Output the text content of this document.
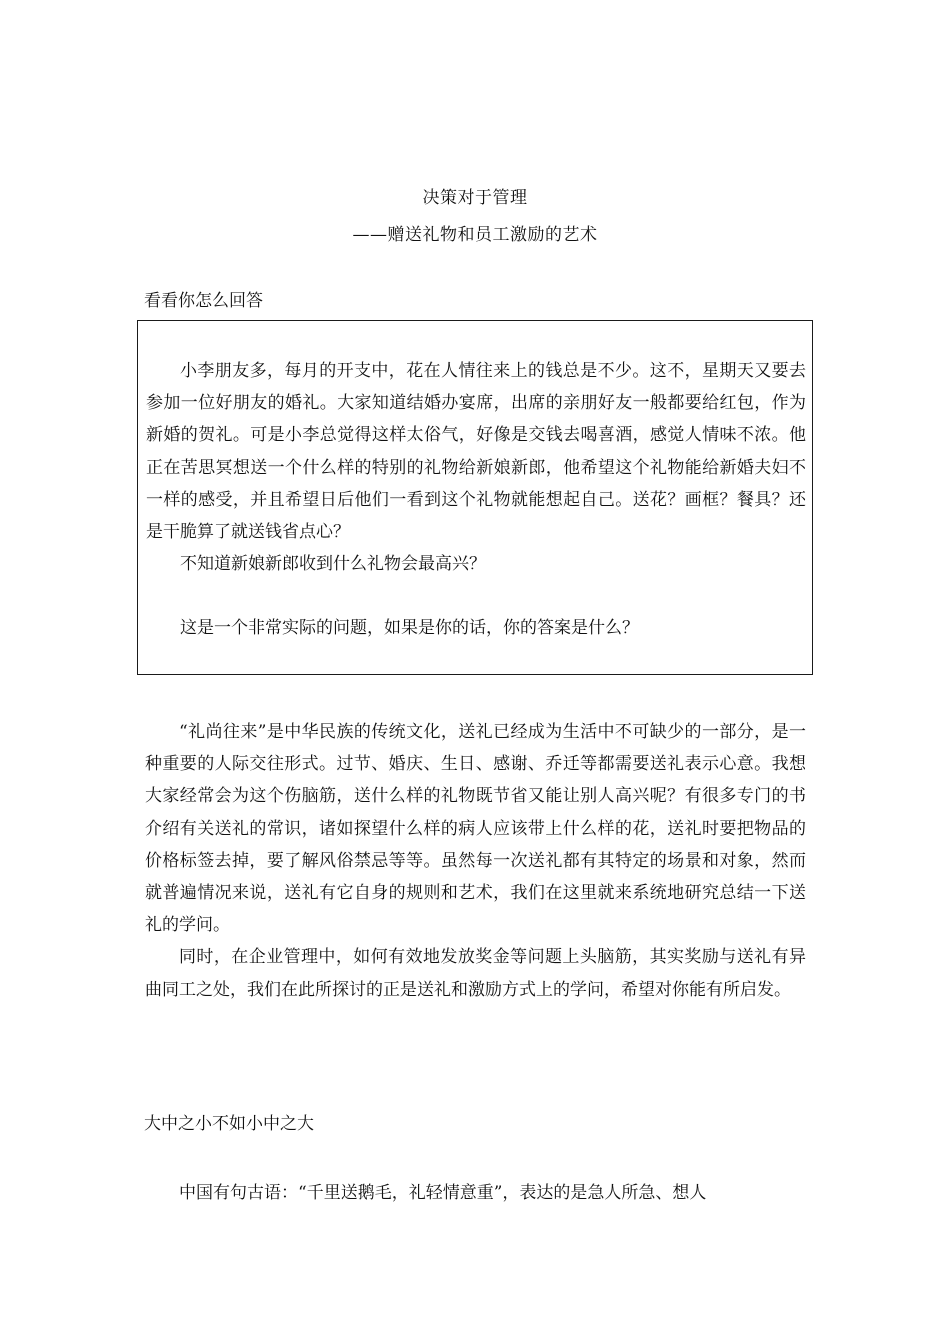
决策对于管理
——赠送礼物和员工激励的艺术
看看你怎么回答

小李朋友多，每月的开支中，花在人情往来上的钱总是不少。这不，星期天又要去参加一位好朋友的婚礼。大家知道结婚办宴席，出席的亲朋好友一般都要给红包，作为新婚的贺礼。可是小李总觉得这样太俗气，好像是交钱去喝喜酒，感觉人情味不浓。他正在苦思冥想送一个什么样的特别的礼物给新娘新郎，他希望这个礼物能给新婚夫妇不一样的感受，并且希望日后他们一看到这个礼物就能想起自己。送花？画框？餐具？还是干脆算了就送钱省点心？

不知道新娘新郎收到什么礼物会最高兴？

这是一个非常实际的问题，如果是你的话，你的答案是什么？

“礼尚往来”是中华民族的传统文化，送礼已经成为生活中不可缺少的一部分，是一种重要的人际交往形式。过节、婚庆、生日、感谢、乔迁等都需要送礼表示心意。我想大家经常会为这个伤脑筋，送什么样的礼物既节省又能让别人高兴呢？有很多专门的书介绍有关送礼的常识，诸如探望什么样的病人应该带上什么样的花，送礼时要把物品的价格标签去掉，要了解风俗禁忌等等。虽然每一次送礼都有其特定的场景和对象，然而就普遍情况来说，送礼有它自身的规则和艺术，我们在这里就来系统地研究总结一下送礼的学问。

同时，在企业管理中，如何有效地发放奖金等问题上头脑筋，其实奖励与送礼有异曲同工之处，我们在此所探讨的正是送礼和激励方式上的学问，希望对你能有所启发。

大中之小不如小中之大

中国有句古语：“千里送鹅毛，礼轻情意重”，表达的是急人所急、想人
